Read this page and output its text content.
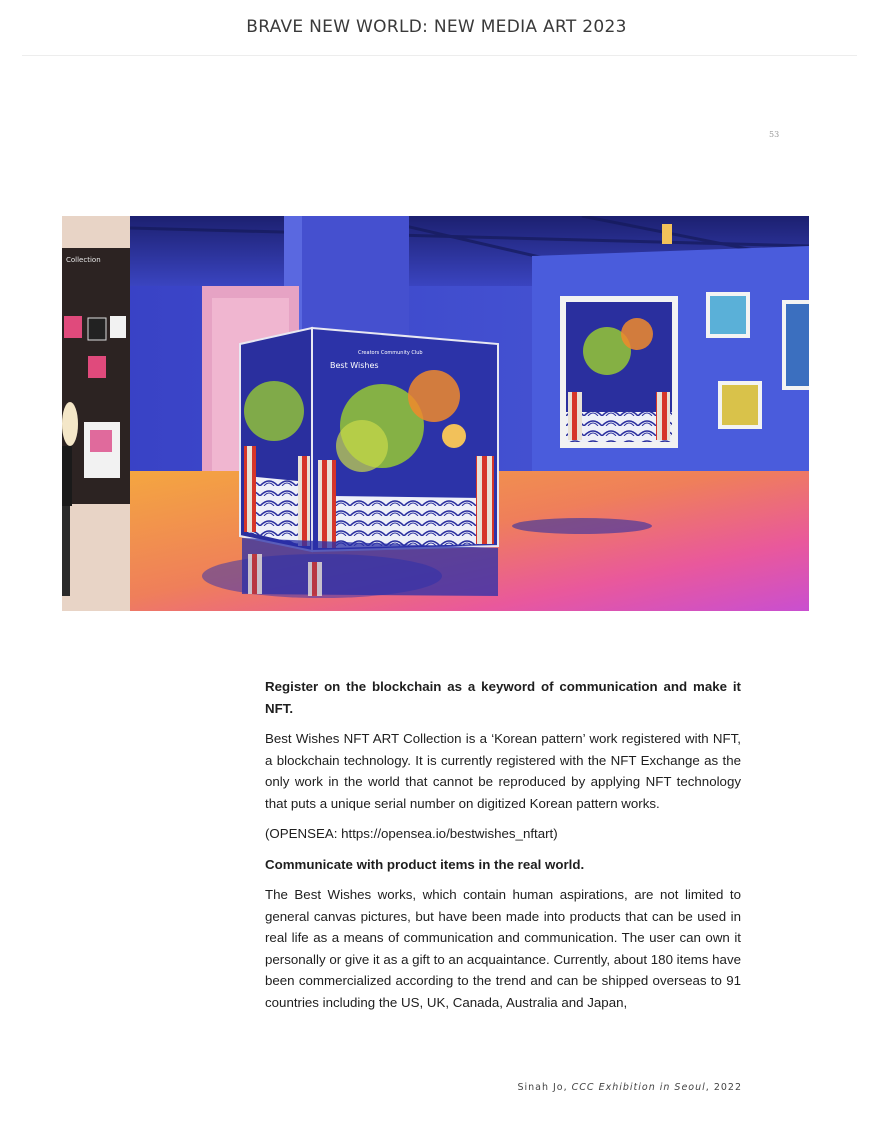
BRAVE NEW WORLD: NEW MEDIA ART 2023
53
Collection
Best Wishes
Creators Community Club

Register on the blockchain as a keyword of communication and make it NFT.

Best Wishes NFT ART Collection is a ‘Korean pattern’ work registered with NFT, a blockchain technology. It is currently registered with the NFT Exchange as the only work in the world that cannot be reproduced by applying NFT technology that puts a unique serial number on digitized Korean pattern works.

(OPENSEA: https://opensea.io/bestwishes_nftart)

Communicate with product items in the real world.

The Best Wishes works, which contain human aspirations, are not limited to general canvas pictures, but have been made into products that can be used in real life as a means of communication and communication. The user can own it personally or give it as a gift to an acquaintance. Currently, about 180 items have been commercialized according to the trend and can be shipped overseas to 91 countries including the US, UK, Canada, Australia and Japan,

Sinah Jo, CCC Exhibition in Seoul, 2022
